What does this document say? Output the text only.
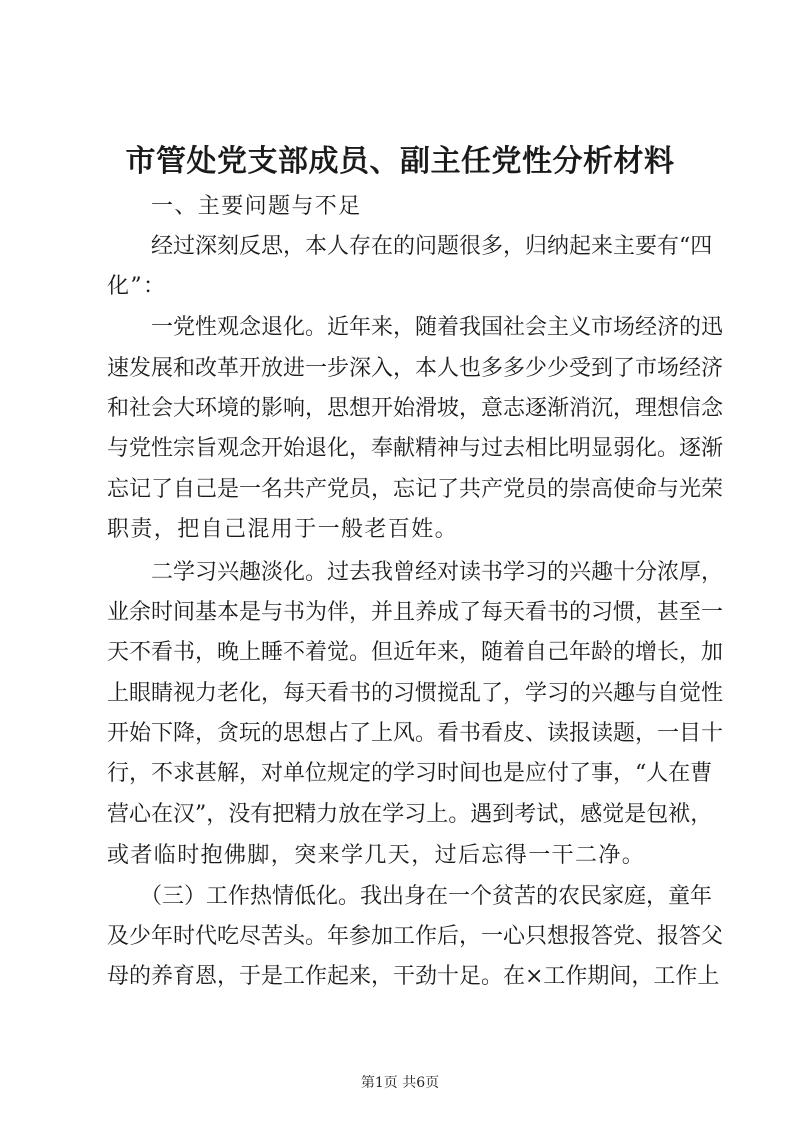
市管处党支部成员、副主任党性分析材料
一、主要问题与不足
经过深刻反思，本人存在的问题很多，归纳起来主要有“四
化”：
一党性观念退化。近年来，随着我国社会主义市场经济的迅
速发展和改革开放进一步深入，本人也多多少少受到了市场经济
和社会大环境的影响，思想开始滑坡，意志逐渐消沉，理想信念
与党性宗旨观念开始退化，奉献精神与过去相比明显弱化。逐渐
忘记了自己是一名共产党员，忘记了共产党员的崇高使命与光荣
职责，把自己混用于一般老百姓。
二学习兴趣淡化。过去我曾经对读书学习的兴趣十分浓厚，
业余时间基本是与书为伴，并且养成了每天看书的习惯，甚至一
天不看书，晚上睡不着觉。但近年来，随着自己年龄的增长，加
上眼睛视力老化，每天看书的习惯搅乱了，学习的兴趣与自觉性
开始下降，贪玩的思想占了上风。看书看皮、读报读题，一目十
行，不求甚解，对单位规定的学习时间也是应付了事，“人在曹
营心在汉”，没有把精力放在学习上。遇到考试，感觉是包袱，
或者临时抱佛脚，突来学几天，过后忘得一干二净。
（三）工作热情低化。我出身在一个贫苦的农民家庭，童年
及少年时代吃尽苦头。年参加工作后，一心只想报答党、报答父
母的养育恩，于是工作起来，干劲十足。在×工作期间，工作上
第1页 共6页
